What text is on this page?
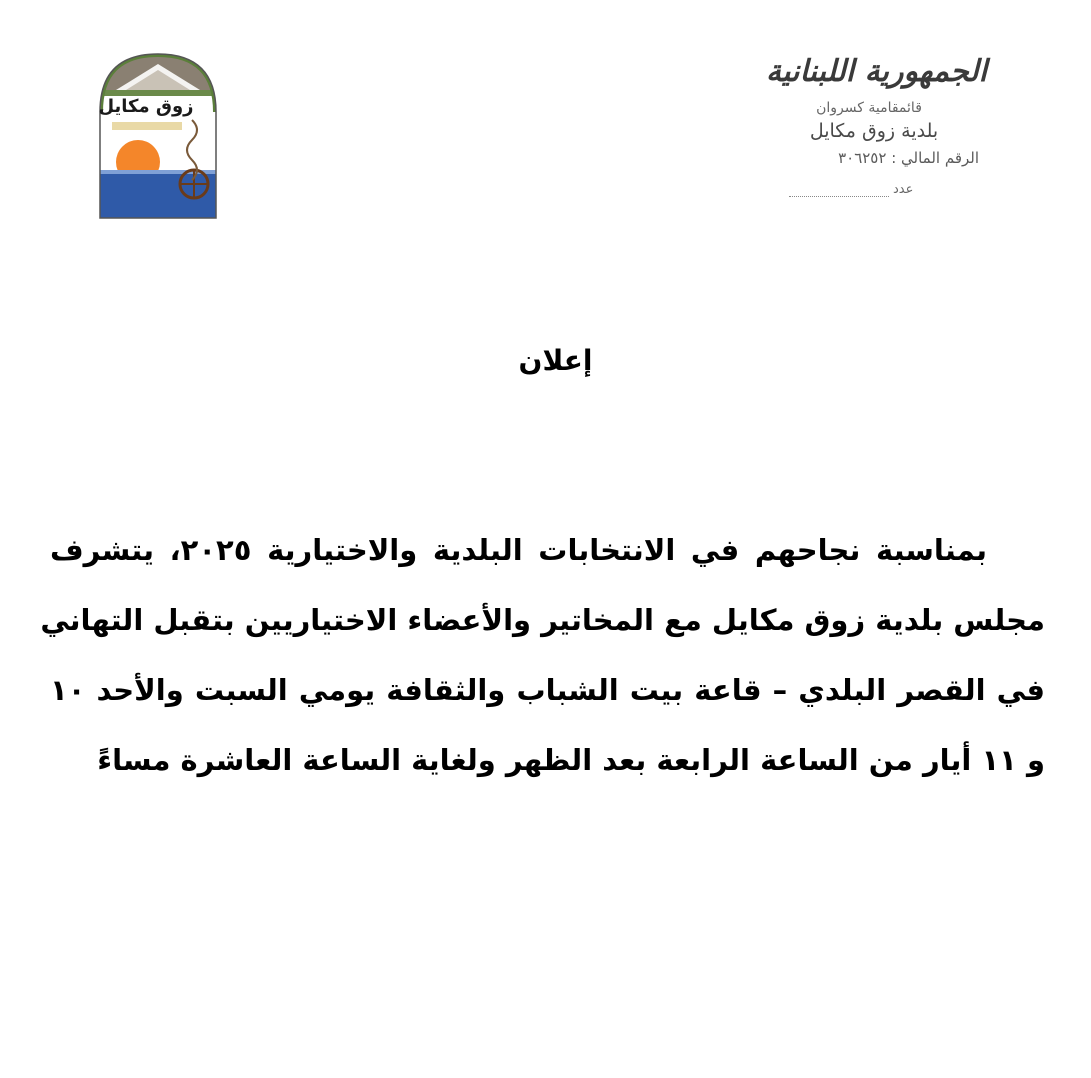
زوق مكايل
الجمهورية اللبنانية
قائمقامية كسروان
بلدية زوق مكايل
الرقم المالي : ٣٠٦٢٥٢
عدد
إعلان
بمناسبة نجاحهم في الانتخابات البلدية والاختيارية ٢٠٢٥، يتشرف
مجلس بلدية زوق مكايل مع المخاتير والأعضاء الاختياريين بتقبل التهاني
في القصر البلدي – قاعة بيت الشباب والثقافة يومي السبت والأحد ١٠
و ١١ أيار من الساعة الرابعة بعد الظهر ولغاية الساعة العاشرة مساءً
